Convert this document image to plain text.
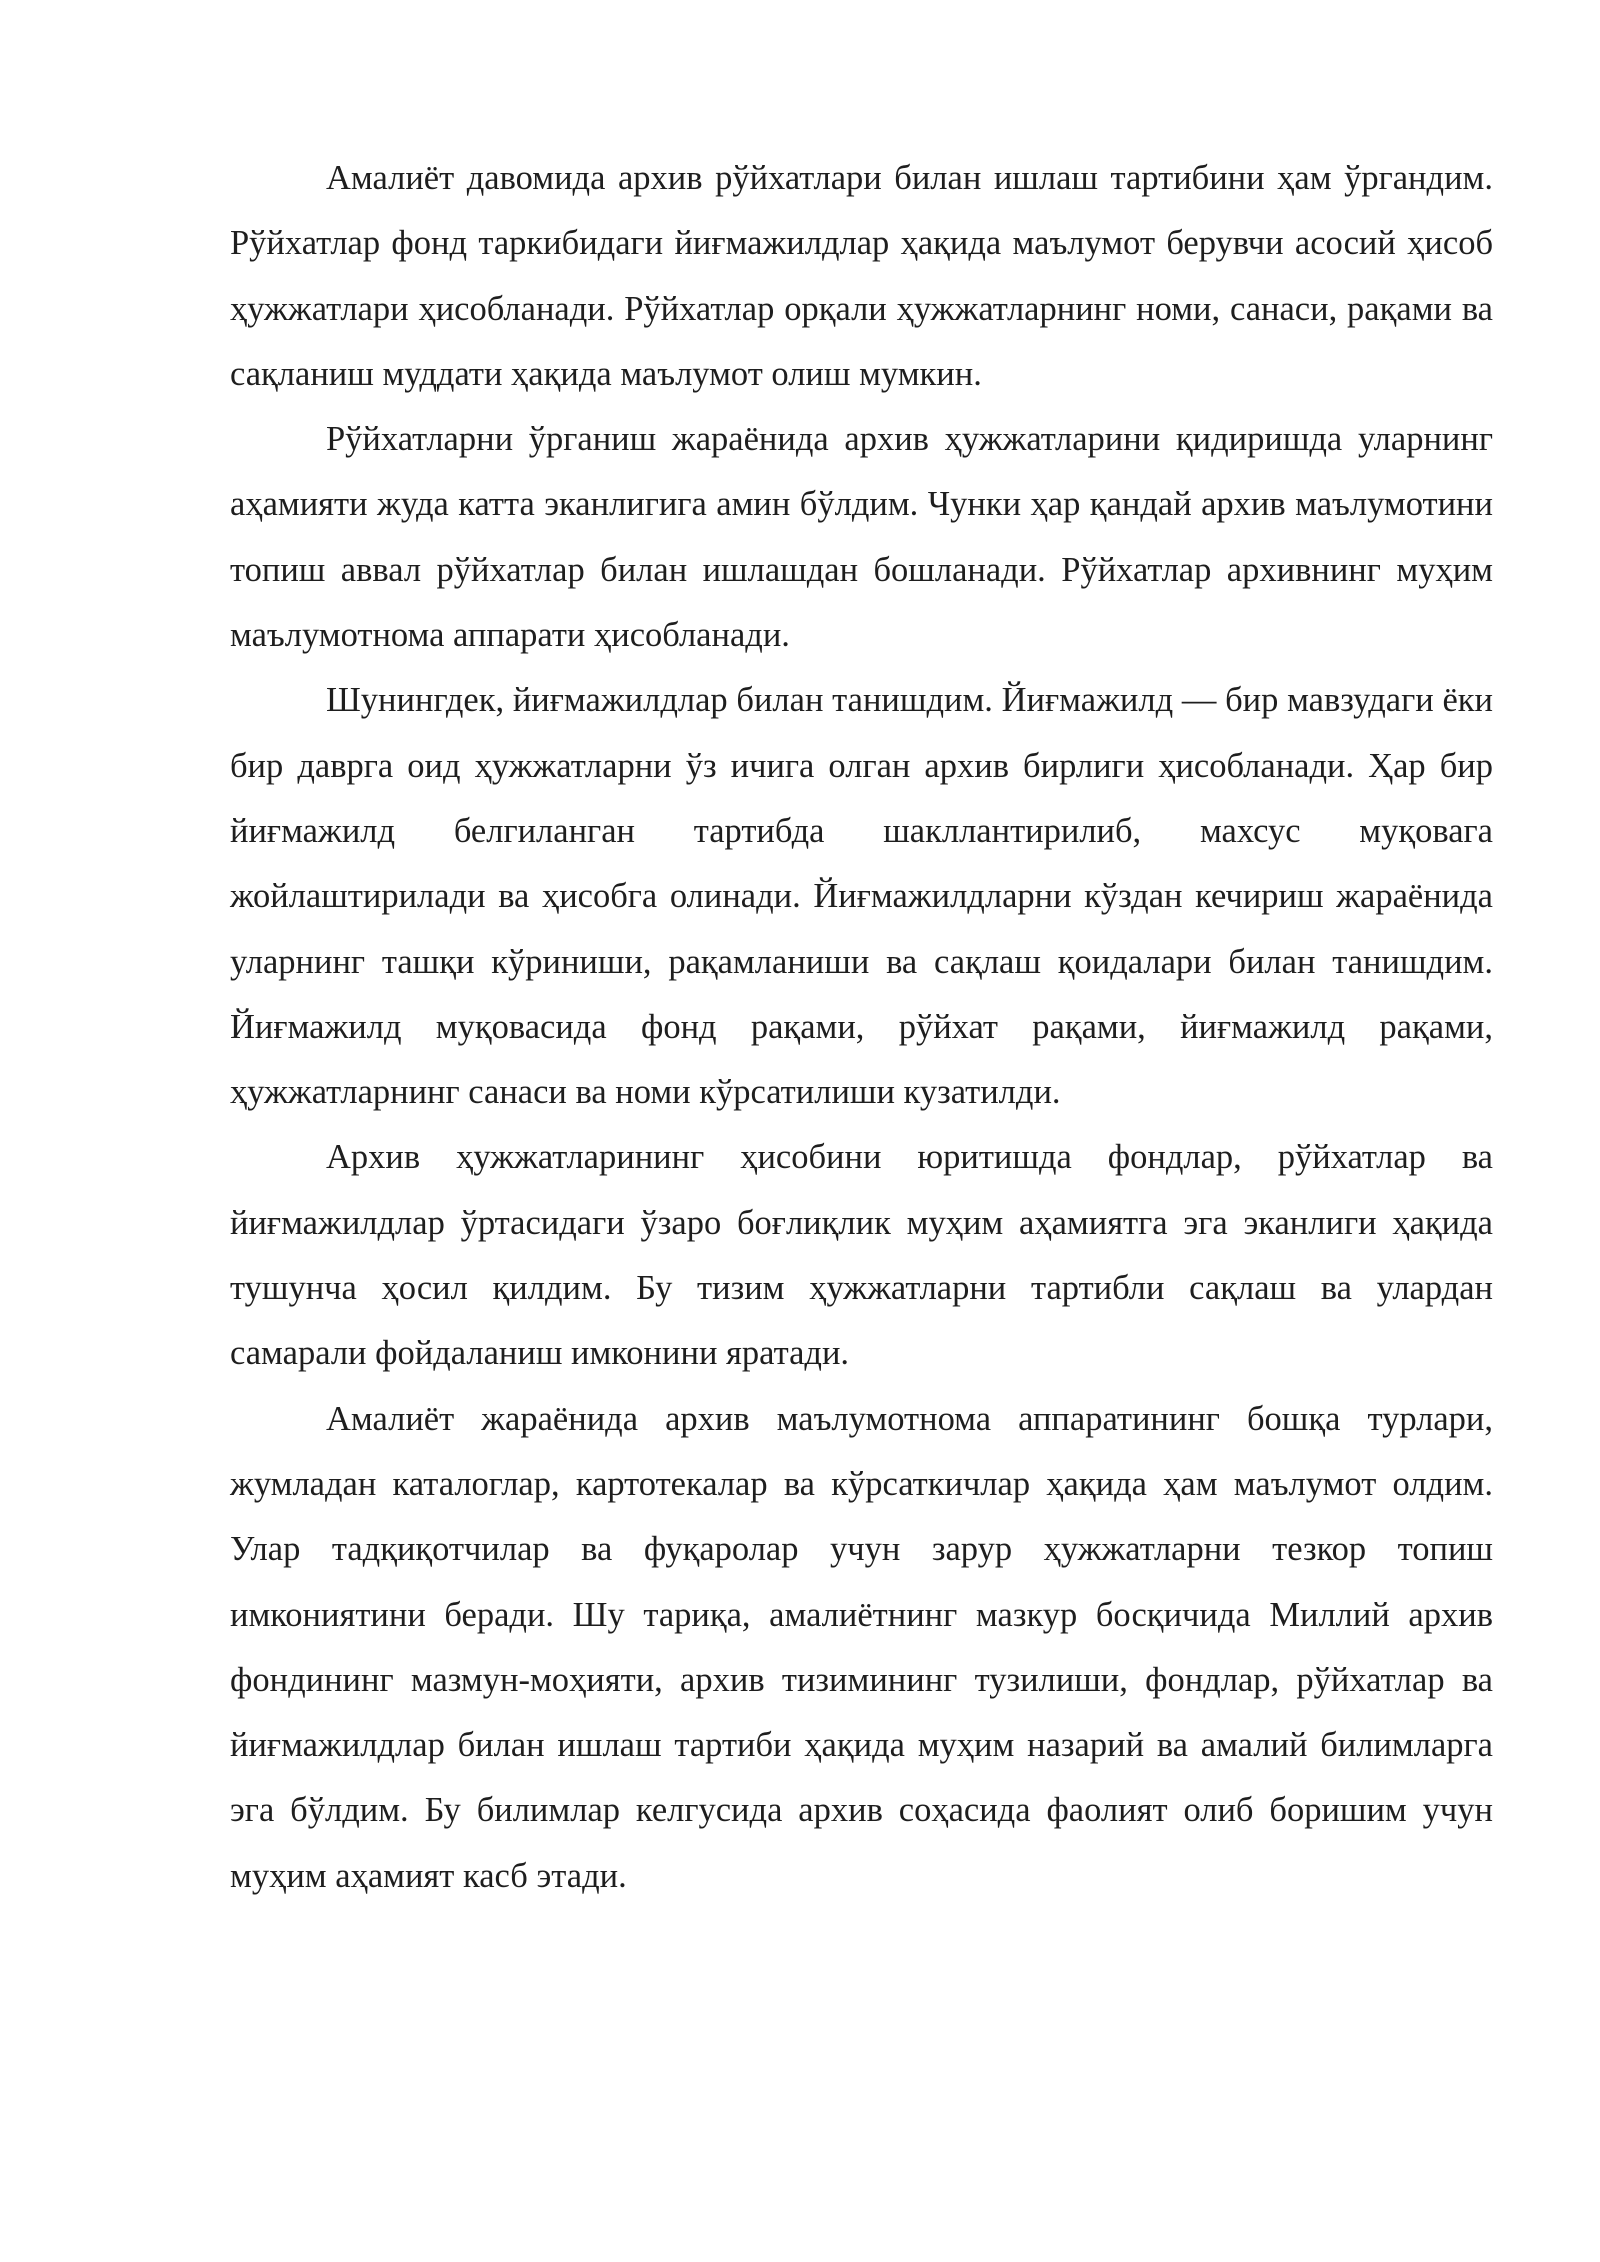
Амалиёт давомида архив рўйхатлари билан ишлаш тартибини ҳам ўргандим. Рўйхатлар фонд таркибидаги йиғмажилдлар ҳақида маълумот берувчи асосий ҳисоб ҳужжатлари ҳисобланади. Рўйхатлар орқали ҳужжатларнинг номи, санаси, рақами ва сақланиш муддати ҳақида маълумот олиш мумкин.

Рўйхатларни ўрганиш жараёнида архив ҳужжатларини қидиришда уларнинг аҳамияти жуда катта эканлигига амин бўлдим. Чунки ҳар қандай архив маълумотини топиш аввал рўйхатлар билан ишлашдан бошланади. Рўйхатлар архивнинг муҳим маълумотнома аппарати ҳисобланади.

Шунингдек, йиғмажилдлар билан танишдим. Йиғмажилд — бир мавзудаги ёки бир даврга оид ҳужжатларни ўз ичига олган архив бирлиги ҳисобланади. Ҳар бир йиғмажилд белгиланган тартибда шакллантирилиб, махсус муқовага жойлаштирилади ва ҳисобга олинади. Йиғмажилдларни кўздан кечириш жараёнида уларнинг ташқи кўриниши, рақамланиши ва сақлаш қоидалари билан танишдим. Йиғмажилд муқовасида фонд рақами, рўйхат рақами, йиғмажилд рақами, ҳужжатларнинг санаси ва номи кўрсатилиши кузатилди.

Архив ҳужжатларининг ҳисобини юритишда фондлар, рўйхатлар ва йиғмажилдлар ўртасидаги ўзаро боғлиқлик муҳим аҳамиятга эга эканлиги ҳақида тушунча ҳосил қилдим. Бу тизим ҳужжатларни тартибли сақлаш ва улардан самарали фойдаланиш имконини яратади.

Амалиёт жараёнида архив маълумотнома аппаратининг бошқа турлари, жумладан каталоглар, картотекалар ва кўрсаткичлар ҳақида ҳам маълумот олдим. Улар тадқиқотчилар ва фуқаролар учун зарур ҳужжатларни тезкор топиш имкониятини беради. Шу тариқа, амалиётнинг мазкур босқичида Миллий архив фондининг мазмун-моҳияти, архив тизимининг тузилиши, фондлар, рўйхатлар ва йиғмажилдлар билан ишлаш тартиби ҳақида муҳим назарий ва амалий билимларга эга бўлдим. Бу билимлар келгусида архив соҳасида фаолият олиб боришим учун муҳим аҳамият касб этади.
